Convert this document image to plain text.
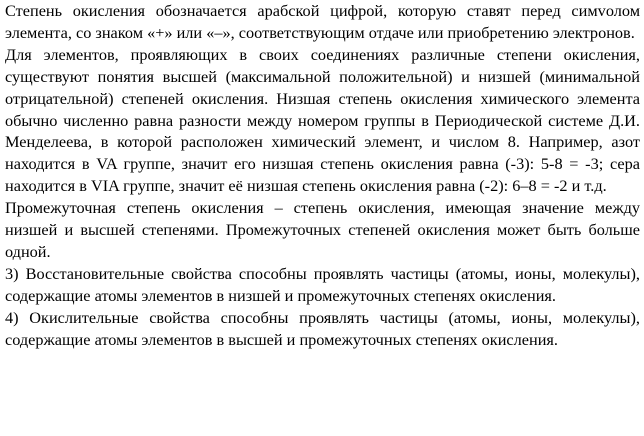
Степень окисления обозначается арабской цифрой, которую ставят перед симvолом элемента, со знаком «+» или «–», соответствующим отдаче или приобретению электронов.

Для элементов, проявляющих в своих соединениях различные степени окисления, существуют понятия высшей (максимальной положительной) и низшей (минимальной отрицательной) степеней окисления. Низшая степень окисления химического элемента обычно численно равна разности между номером группы в Периодической системе Д.И. Менделеева, в которой расположен химический элемент, и числом 8. Например, азот находится в VA группе, значит его низшая степень окисления равна (-3): 5-8 = -3; сера находится в VIA группе, значит её низшая степень окисления равна (-2): 6–8 = -2 и т.д.

Промежуточная степень окисления – степень окисления, имеющая значение между низшей и высшей степенями. Промежуточных степеней окисления может быть больше одной.

3) Восстановительные свойства способны проявлять частицы (атомы, ионы, молекулы), содержащие атомы элементов в низшей и промежуточных степенях окисления.

4) Окислительные свойства способны проявлять частицы (атомы, ионы, молекулы), содержащие атомы элементов в высшей и промежуточных степенях окисления.
